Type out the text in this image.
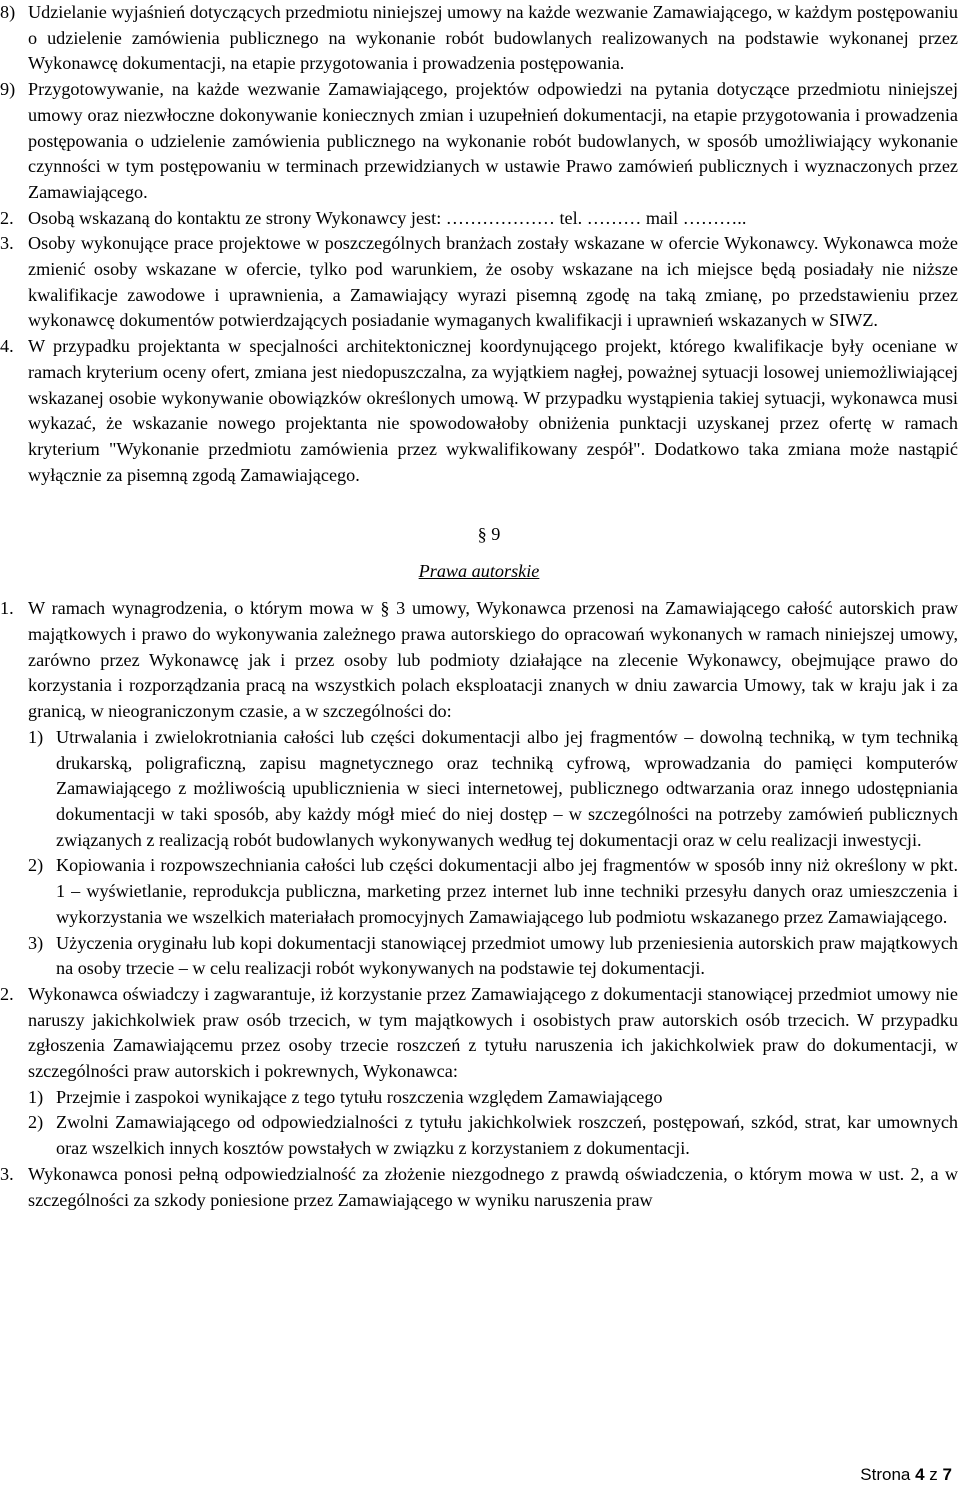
8) Udzielanie wyjaśnień dotyczących przedmiotu niniejszej umowy na każde wezwanie Zamawiającego, w każdym postępowaniu o udzielenie zamówienia publicznego na wykonanie robót budowlanych realizowanych na podstawie wykonanej przez Wykonawcę dokumentacji, na etapie przygotowania i prowadzenia postępowania.
9) Przygotowywanie, na każde wezwanie Zamawiającego, projektów odpowiedzi na pytania dotyczące przedmiotu niniejszej umowy oraz niezwłoczne dokonywanie koniecznych zmian i uzupełnień dokumentacji, na etapie przygotowania i prowadzenia postępowania o udzielenie zamówienia publicznego na wykonanie robót budowlanych, w sposób umożliwiający wykonanie czynności w tym postępowaniu w terminach przewidzianych w ustawie Prawo zamówień publicznych i wyznaczonych przez Zamawiającego.
2. Osobą wskazaną do kontaktu ze strony Wykonawcy jest: ……………… tel. ……… mail ………..
3. Osoby wykonujące prace projektowe w poszczególnych branżach zostały wskazane w ofercie Wykonawcy. Wykonawca może zmienić osoby wskazane w ofercie, tylko pod warunkiem, że osoby wskazane na ich miejsce będą posiadały nie niższe kwalifikacje zawodowe i uprawnienia, a Zamawiający wyrazi pisemną zgodę na taką zmianę, po przedstawieniu przez wykonawcę dokumentów potwierdzających posiadanie wymaganych kwalifikacji i uprawnień wskazanych w SIWZ.
4. W przypadku projektanta w specjalności architektonicznej koordynującego projekt, którego kwalifikacje były oceniane w ramach kryterium oceny ofert, zmiana jest niedopuszczalna, za wyjątkiem nagłej, poważnej sytuacji losowej uniemożliwiającej wskazanej osobie wykonywanie obowiązków określonych umową. W przypadku wystąpienia takiej sytuacji, wykonawca musi wykazać, że wskazanie nowego projektanta nie spowodowałoby obniżenia punktacji uzyskanej przez ofertę w ramach kryterium "Wykonanie przedmiotu zamówienia przez wykwalifikowany zespół". Dodatkowo taka zmiana może nastąpić wyłącznie za pisemną zgodą Zamawiającego.
§ 9
Prawa autorskie
1. W ramach wynagrodzenia, o którym mowa w § 3 umowy, Wykonawca przenosi na Zamawiającego całość autorskich praw majątkowych i prawo do wykonywania zależnego prawa autorskiego do opracowań wykonanych w ramach niniejszej umowy, zarówno przez Wykonawcę jak i przez osoby lub podmioty działające na zlecenie Wykonawcy, obejmujące prawo do korzystania i rozporządzania pracą na wszystkich polach eksploatacji znanych w dniu zawarcia Umowy, tak w kraju jak i za granicą, w nieograniczonym czasie, a w szczególności do:
1) Utrwalania i zwielokrotniania całości lub części dokumentacji albo jej fragmentów – dowolną techniką, w tym techniką drukarską, poligraficzną, zapisu magnetycznego oraz techniką cyfrową, wprowadzania do pamięci komputerów Zamawiającego z możliwością upublicznienia w sieci internetowej, publicznego odtwarzania oraz innego udostępniania dokumentacji w taki sposób, aby każdy mógł mieć do niej dostęp – w szczególności na potrzeby zamówień publicznych związanych z realizacją robót budowlanych wykonywanych według tej dokumentacji oraz w celu realizacji inwestycji.
2) Kopiowania i rozpowszechniania całości lub części dokumentacji albo jej fragmentów w sposób inny niż określony w pkt. 1 – wyświetlanie, reprodukcja publiczna, marketing przez internet lub inne techniki przesyłu danych oraz umieszczenia i wykorzystania we wszelkich materiałach promocyjnych Zamawiającego lub podmiotu wskazanego przez Zamawiającego.
3) Użyczenia oryginału lub kopi dokumentacji stanowiącej przedmiot umowy lub przeniesienia autorskich praw majątkowych na osoby trzecie – w celu realizacji robót wykonywanych na podstawie tej dokumentacji.
2. Wykonawca oświadczy i zagwarantuje, iż korzystanie przez Zamawiającego z dokumentacji stanowiącej przedmiot umowy nie naruszy jakichkolwiek praw osób trzecich, w tym majątkowych i osobistych praw autorskich osób trzecich. W przypadku zgłoszenia Zamawiającemu przez osoby trzecie roszczeń z tytułu naruszenia ich jakichkolwiek praw do dokumentacji, w szczególności praw autorskich i pokrewnych, Wykonawca:
1) Przejmie i zaspokoi wynikające z tego tytułu roszczenia względem Zamawiającego
2) Zwolni Zamawiającego od odpowiedzialności z tytułu jakichkolwiek roszczeń, postępowań, szkód, strat, kar umownych oraz wszelkich innych kosztów powstałych w związku z korzystaniem z dokumentacji.
3. Wykonawca ponosi pełną odpowiedzialność za złożenie niezgodnego z prawdą oświadczenia, o którym mowa w ust. 2, a w szczególności za szkody poniesione przez Zamawiającego w wyniku naruszenia praw
Strona 4 z 7
